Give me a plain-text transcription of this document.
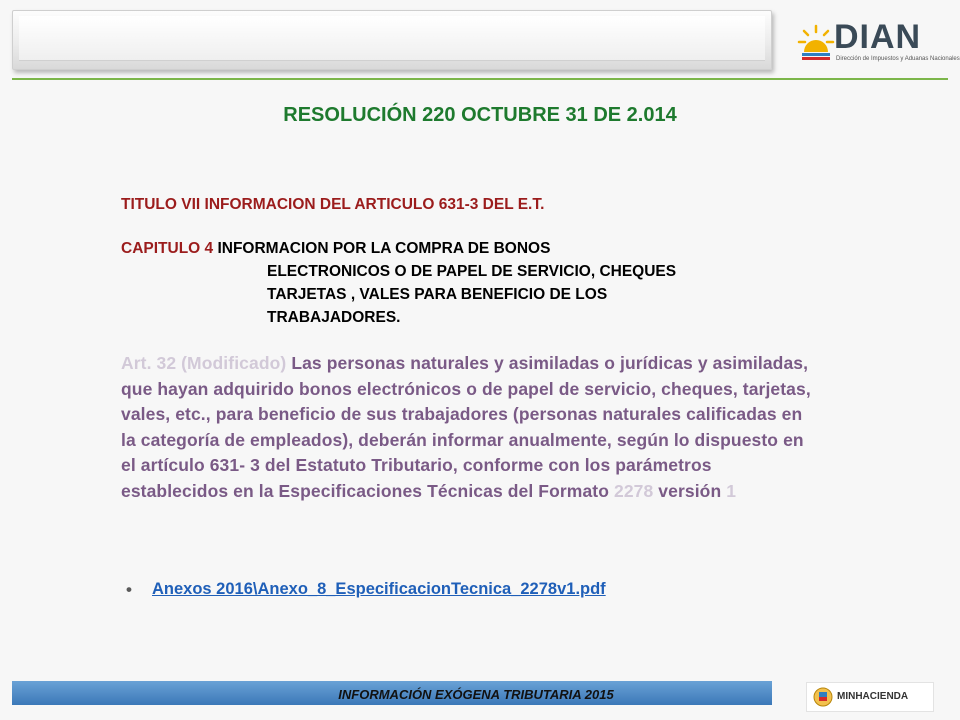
DIAN
Dirección de Impuestos y Aduanas Nacionales
RESOLUCIÓN 220 OCTUBRE 31 DE 2.014
TITULO VII INFORMACION DEL ARTICULO 631-3 DEL E.T.
CAPITULO 4 INFORMACION POR LA COMPRA DE BONOS
ELECTRONICOS O DE PAPEL DE SERVICIO, CHEQUES
TARJETAS , VALES PARA BENEFICIO DE LOS
TRABAJADORES.
Art. 32 (Modificado) Las personas naturales y asimiladas o jurídicas y asimiladas, que hayan adquirido bonos electrónicos o de papel de servicio, cheques, tarjetas, vales, etc., para beneficio de sus trabajadores (personas naturales calificadas en la categoría de empleados), deberán informar anualmente, según lo dispuesto en el artículo 631- 3 del Estatuto Tributario, conforme con los parámetros establecidos en la Especificaciones Técnicas del Formato 2278 versión 1
• Anexos 2016\Anexo_8_EspecificacionTecnica_2278v1.pdf
INFORMACIÓN EXÓGENA TRIBUTARIA 2015	MINHACIENDA
